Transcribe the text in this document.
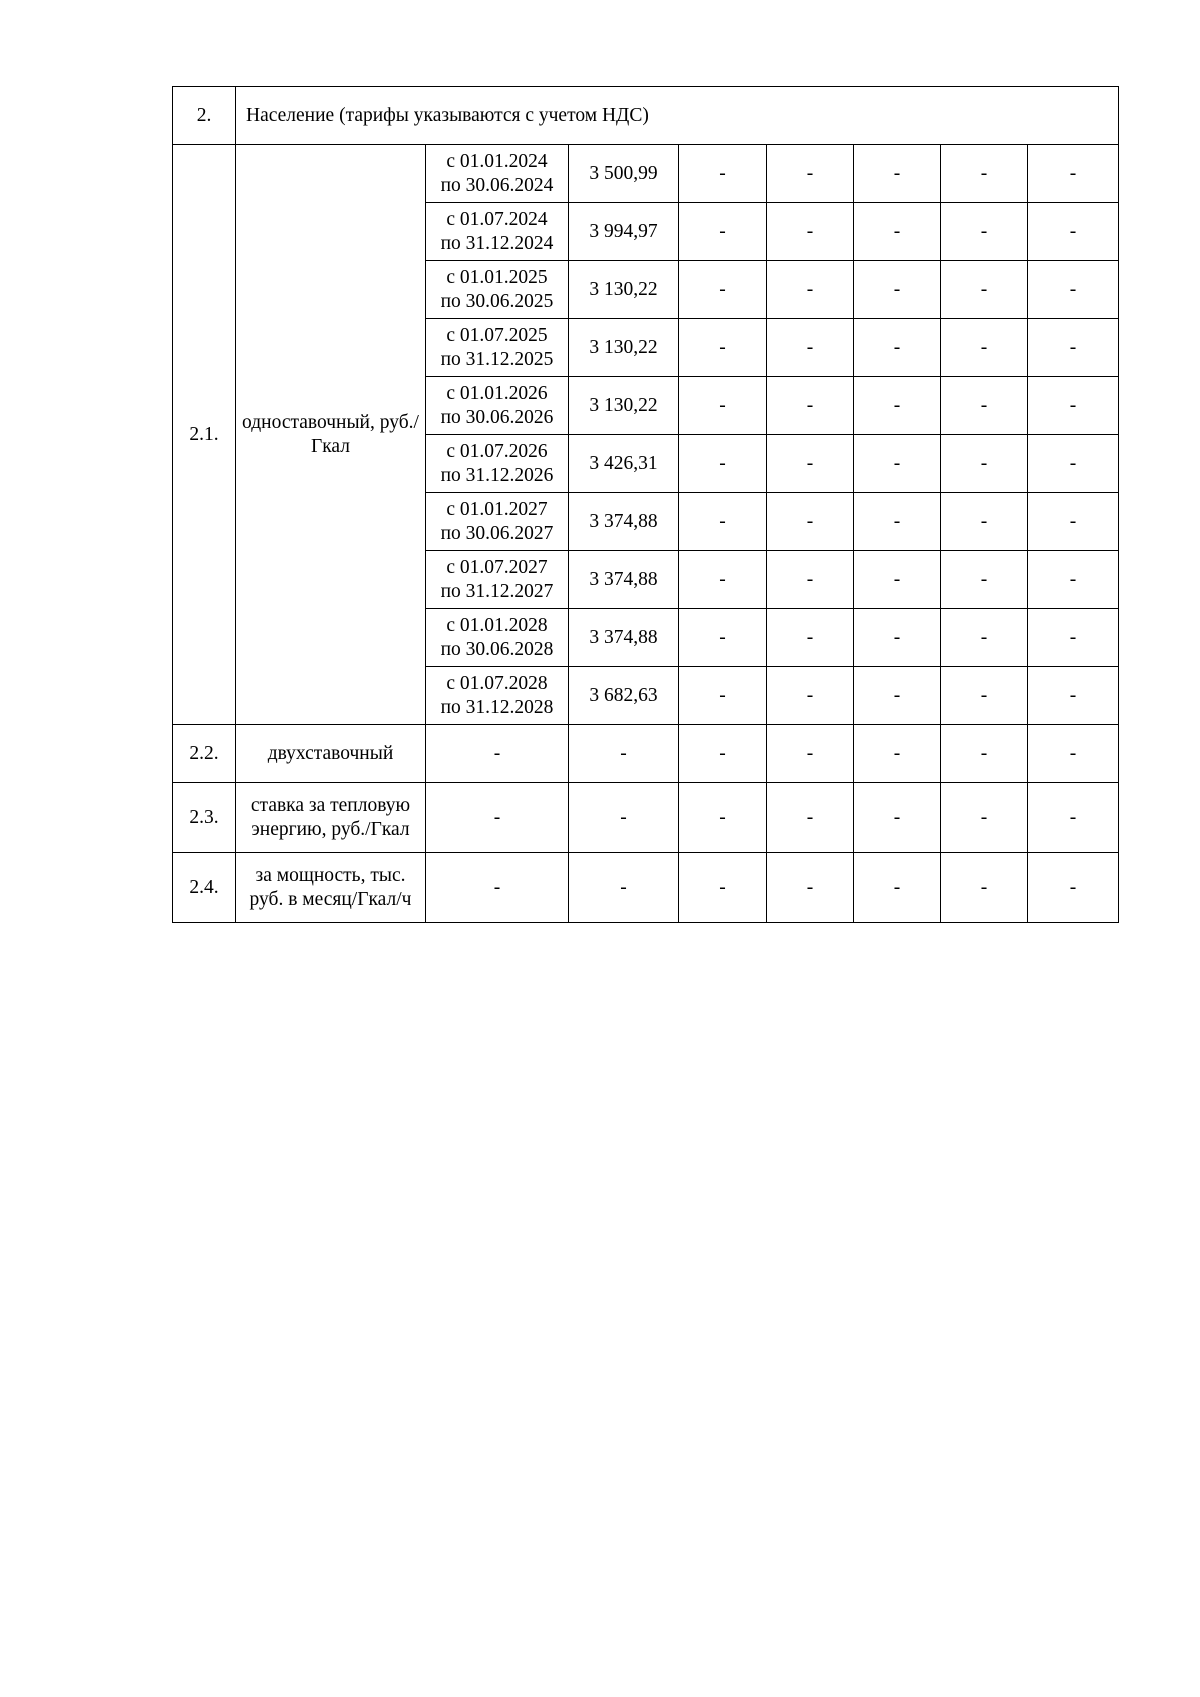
2.	Население (тарифы указываются с учетом НДС)							
2.1.	одноставочный, руб./Гкал	с 01.01.2024
по 30.06.2024	3 500,99	-	-	-	-	-

		с 01.07.2024
по 31.12.2024	3 994,97	-	-	-	-	-

		с 01.01.2025
по 30.06.2025	3 130,22	-	-	-	-	-

		с 01.07.2025
по 31.12.2025	3 130,22	-	-	-	-	-

		с 01.01.2026
по 30.06.2026	3 130,22	-	-	-	-	-

		с 01.07.2026
по 31.12.2026	3 426,31	-	-	-	-	-

		с 01.01.2027
по 30.06.2027	3 374,88	-	-	-	-	-

		с 01.07.2027
по 31.12.2027	3 374,88	-	-	-	-	-

		с 01.01.2028
по 30.06.2028	3 374,88	-	-	-	-	-

		с 01.07.2028
по 31.12.2028	3 682,63	-	-	-	-	-
2.2.	двухставочный	-	-	-	-	-	-	-
2.3.	ставка за тепловую энергию, руб./Гкал	-	-	-	-	-	-	-
2.4.	за мощность, тыс. руб. в месяц/Гкал/ч	-	-	-	-	-	-	-
